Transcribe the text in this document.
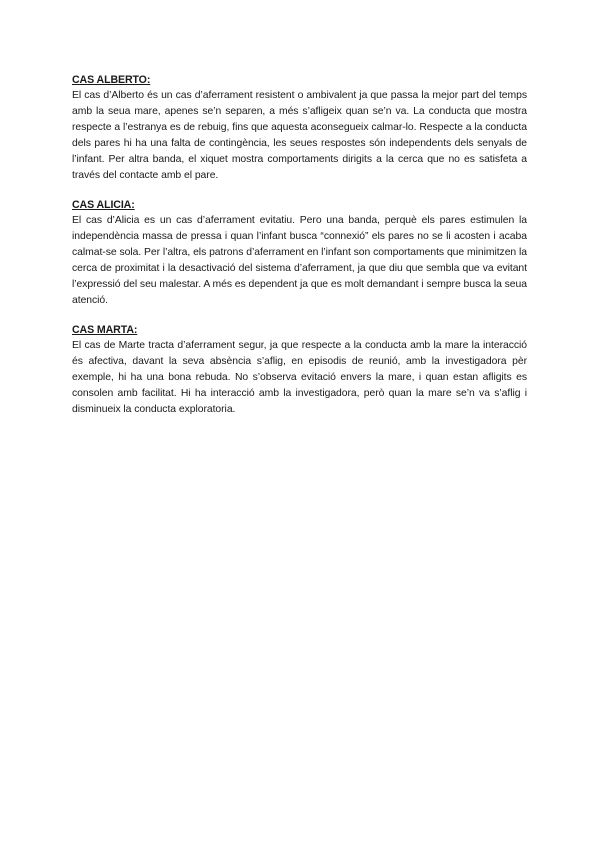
CAS ALBERTO:

El cas d’Alberto és un cas d’aferrament resistent o ambivalent ja que passa la mejor part del temps amb la seua mare, apenes se’n separen, a més s’afligeix quan se’n va. La conducta que mostra respecte a l’estranya es de rebuig, fins que aquesta aconsegueix calmar-lo. Respecte a la conducta dels pares hi ha una falta de contingència, les seues respostes són independents dels senyals de l’infant. Per altra banda, el xiquet mostra comportaments dirigits a la cerca que no es satisfeta a través del contacte amb el pare.

CAS ALICIA:

El cas d’Alicia es un cas d’aferrament evitatiu. Pero una banda, perquè els pares estimulen la independència massa de pressa i quan l’infant busca “connexió” els pares no se li acosten i acaba calmat-se sola. Per l’altra, els patrons d’aferrament en l’infant son comportaments que minimitzen la cerca de proximitat i la desactivació del sistema d’aferrament, ja que diu que sembla que va evitant l’expressió del seu malestar. A més es dependent ja que es molt demandant i sempre busca la seua atenció.

CAS MARTA:

El cas de Marte tracta d’aferrament segur, ja que respecte a la conducta amb la mare la interacció és afectiva, davant la seva absència s’aflig, en episodis de reunió, amb la investigadora pèr exemple, hi ha una bona rebuda. No s’observa evitació envers la mare, i quan estan afligits es consolen amb facilitat. Hi ha interacció amb la investigadora, però quan la mare se’n va s’aflig i disminueix la conducta exploratoria.
